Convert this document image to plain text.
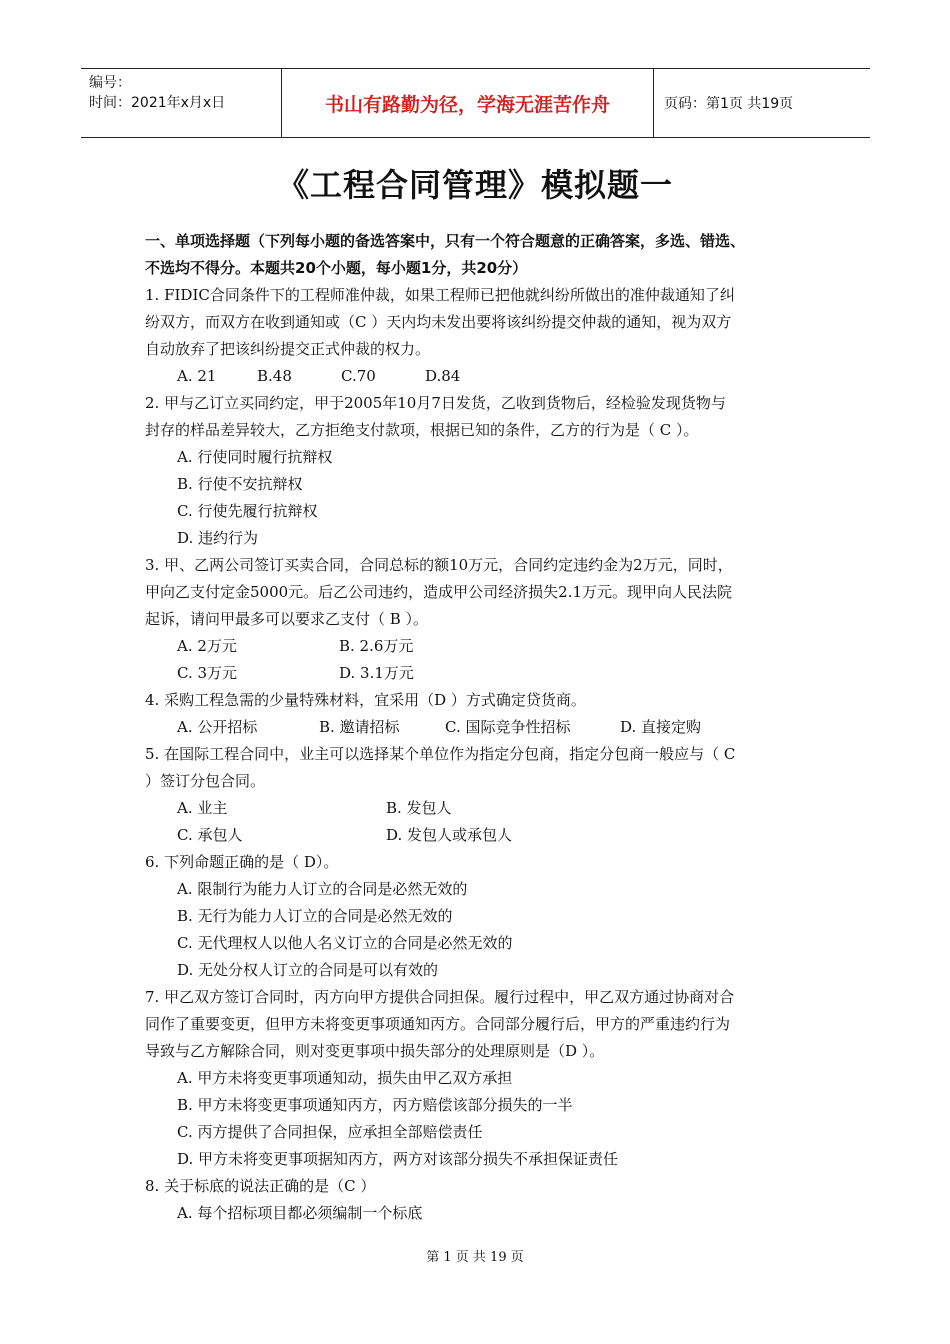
编号：
时间：2021年x月x日	书山有路勤为径，学海无涯苦作舟	页码：第1页 共19页
《工程合同管理》模拟题一
一、单项选择题（下列每小题的备选答案中，只有一个符合题意的正确答案，多选、错选、
不选均不得分。本题共20个小题，每小题1分，共20分）

1. FIDIC合同条件下的工程师准仲裁，如果工程师已把他就纠纷所做出的准仲裁通知了纠

纷双方，而双方在收到通知或（C ）天内均未发出要将该纠纷提交仲裁的通知，视为双方

自动放弃了把该纠纷提交正式仲裁的权力。

A. 21	B.48	C.70	D.84

2. 甲与乙订立买同约定，甲于2005年10月7日发货，乙收到货物后，经检验发现货物与

封存的样品差异较大，乙方拒绝支付款项，根据已知的条件，乙方的行为是（ C ）。

A. 行使同时履行抗辩权

B. 行使不安抗辩权

C. 行使先履行抗辩权

D. 违约行为

3. 甲、乙两公司签订买卖合同，合同总标的额10万元，合同约定违约金为2万元，同时，

甲向乙支付定金5000元。后乙公司违约，造成甲公司经济损失2.1万元。现甲向人民法院

起诉，请问甲最多可以要求乙支付（ B ）。

A. 2万元	B. 2.6万元
C. 3万元	D. 3.1万元

4. 采购工程急需的少量特殊材料，宜采用（D ）方式确定贷货商。

A. 公开招标	B. 邀请招标	C. 国际竞争性招标	D. 直接定购

5. 在国际工程合同中，业主可以选择某个单位作为指定分包商，指定分包商一般应与（ C

）签订分包合同。

A. 业主	B. 发包人
C. 承包人	D. 发包人或承包人

6. 下列命题正确的是（ D）。

A. 限制行为能力人订立的合同是必然无效的

B. 无行为能力人订立的合同是必然无效的

C. 无代理权人以他人名义订立的合同是必然无效的

D. 无处分权人订立的合同是可以有效的

7. 甲乙双方签订合同时，丙方向甲方提供合同担保。履行过程中，甲乙双方通过协商对合

同作了重要变更，但甲方未将变更事项通知丙方。合同部分履行后，甲方的严重违约行为

导致与乙方解除合同，则对变更事项中损失部分的处理原则是（D ）。

A. 甲方未将变更事项通知动，损失由甲乙双方承担

B. 甲方未将变更事项通知丙方，丙方赔偿该部分损失的一半

C. 丙方提供了合同担保，应承担全部赔偿责任

D. 甲方未将变更事项据知丙方，两方对该部分损失不承担保证责任

8. 关于标底的说法正确的是（C ）

A. 每个招标项目都必须编制一个标底

第 1 页 共 19 页
